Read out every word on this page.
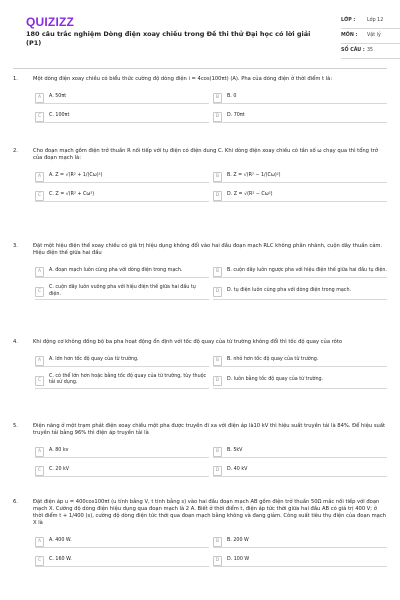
QUIZIZZ
180 câu trắc nghiệm Dòng điện xoay chiều trong Đề thi thử Đại học có lời giải (P1)
LỚP :	Lớp 12
MÔN :	Vật lý
SỐ CÂU : 35
1.	Một dòng điện xoay chiều có biểu thức cường độ dòng điện i = 4cos(100πt) (A). Pha của dòng điện ở thời điểm t là:
A	A. 50πt	B	B. 0
C	C. 100πt	D	D. 70πt
2.	Cho đoạn mạch gồm điện trở thuần R nối tiếp với tụ điện có điện dung C. Khi dòng điện xoay chiều có tần số ω chạy qua thì tổng trở của đoạn mạch là:
A	A. Z = √(R² + 1/(Cω)²)	B	B. Z = √(R² − 1/(Cω)²)
C	C. Z = √(R² + Cω²)	D	D. Z = √(R² − Cω²)
3.	Đặt một hiệu điện thế xoay chiều có giá trị hiệu dụng không đổi vào hai đầu đoạn mạch RLC không phân nhánh, cuộn dây thuần cảm. Hiệu điện thế giữa hai đầu
A	A. đoạn mạch luôn cùng pha với dòng điện trong mạch.	B	B. cuộn dây luôn ngược pha với hiệu điện thế giữa hai đầu tụ điện.
C
C. cuộn dây luôn vuông pha với hiệu điện thế giữa hai đầu tụ điện.	D	D. tụ điện luôn cùng pha với dòng điện trong mạch.
4.	Khi động cơ không đồng bộ ba pha hoạt động ổn định với tốc độ quay của từ trường không đổi thì tốc độ quay của rôto
A	A. lớn hơn tốc độ quay của từ trường.	B	B. nhỏ hơn tốc độ quay của từ trường.
C
C. có thể lớn hơn hoặc bằng tốc độ quay của từ trường, tùy thuộc tải sử dụng.	D	D. luôn bằng tốc độ quay của từ trường.
5.	Điện năng ở một trạm phát điện xoay chiều một pha được truyền đi xa với điện áp là10 kV thì hiệu suất truyền tải là 84%. Để hiệu suất truyền tải bằng 96% thì điện áp truyền tải là
A	A. 80 kv	B	B. 5kV
C	C. 20 kV	D	D. 40 kV
6.	Đặt điện áp u = 400cos100πt (u tính bằng V, t tính bằng s) vào hai đầu đoạn mạch AB gồm điện trở thuần 50Ω mắc nối tiếp với đoạn mạch X. Cường độ dòng điện hiệu dụng qua đoạn mạch là 2 A. Biết ở thời điểm t, điện áp tức thời giữa hai đầu AB có giá trị 400 V; ở thời điểm t + 1/400 (s), cường độ dòng điện tức thời qua đoạn mạch bằng không và đang giảm. Công suất tiêu thụ điện của đoạn mạch X là
A	A. 400 W.	B	B. 200 W
C	C. 160 W.	D	D. 100 W
